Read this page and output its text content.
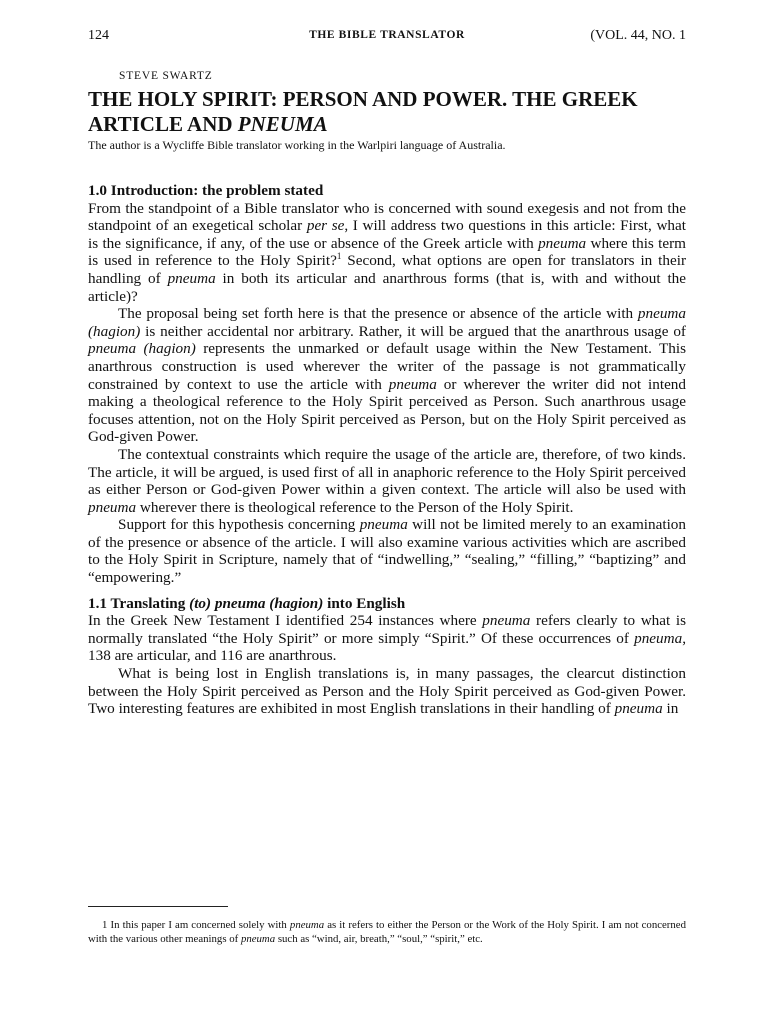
124	THE BIBLE TRANSLATOR	(VOL. 44, NO. 1
STEVE SWARTZ
THE HOLY SPIRIT: PERSON AND POWER. THE GREEK ARTICLE AND PNEUMA
The author is a Wycliffe Bible translator working in the Warlpiri language of Australia.
1.0 Introduction: the problem stated

From the standpoint of a Bible translator who is concerned with sound exegesis and not from the standpoint of an exegetical scholar per se, I will address two questions in this article: First, what is the significance, if any, of the use or absence of the Greek article with pneuma where this term is used in reference to the Holy Spirit?$^1$ Second, what options are open for translators in their handling of pneuma in both its articular and anarthrous forms (that is, with and without the article)?

The proposal being set forth here is that the presence or absence of the article with pneuma (hagion) is neither accidental nor arbitrary. Rather, it will be argued that the anarthrous usage of pneuma (hagion) represents the unmarked or default usage within the New Testament. This anarthrous construction is used wherever the writer of the passage is not grammatically constrained by context to use the article with pneuma or wherever the writer did not intend making a theological reference to the Holy Spirit perceived as Person. Such anarthrous usage focuses attention, not on the Holy Spirit perceived as Person, but on the Holy Spirit perceived as God-given Power.

The contextual constraints which require the usage of the article are, therefore, of two kinds. The article, it will be argued, is used first of all in anaphoric reference to the Holy Spirit perceived as either Person or God-given Power within a given context. The article will also be used with pneuma wherever there is theological reference to the Person of the Holy Spirit.

Support for this hypothesis concerning pneuma will not be limited merely to an examination of the presence or absence of the article. I will also examine various activities which are ascribed to the Holy Spirit in Scripture, namely that of “indwelling,” “sealing,” “filling,” “baptizing” and “empowering.”

1.1 Translating (to) pneuma (hagion) into English

In the Greek New Testament I identified 254 instances where pneuma refers clearly to what is normally translated “the Holy Spirit” or more simply “Spirit.” Of these occurrences of pneuma, 138 are articular, and 116 are anarthrous.

What is being lost in English translations is, in many passages, the clearcut distinction between the Holy Spirit perceived as Person and the Holy Spirit perceived as God-given Power. Two interesting features are exhibited in most English translations in their handling of pneuma in

1 In this paper I am concerned solely with pneuma as it refers to either the Person or the Work of the Holy Spirit. I am not concerned with the various other meanings of pneuma such as “wind, air, breath,” “soul,” “spirit,” etc.
